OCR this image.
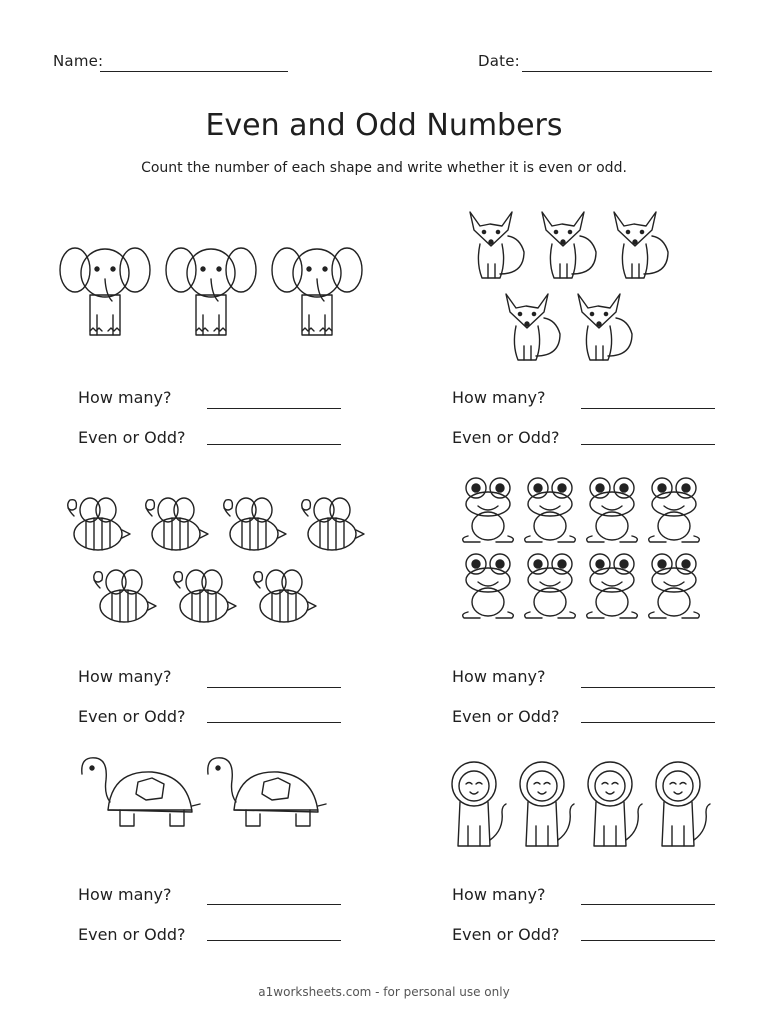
Name:	Date:
Even and Odd Numbers
Count the number of each shape and write whether it is even or odd.
How many?
Even or Odd?
How many?
Even or Odd?
How many?
Even or Odd?
How many?
Even or Odd?
How many?
Even or Odd?
How many?
Even or Odd?
a1worksheets.com - for personal use only
